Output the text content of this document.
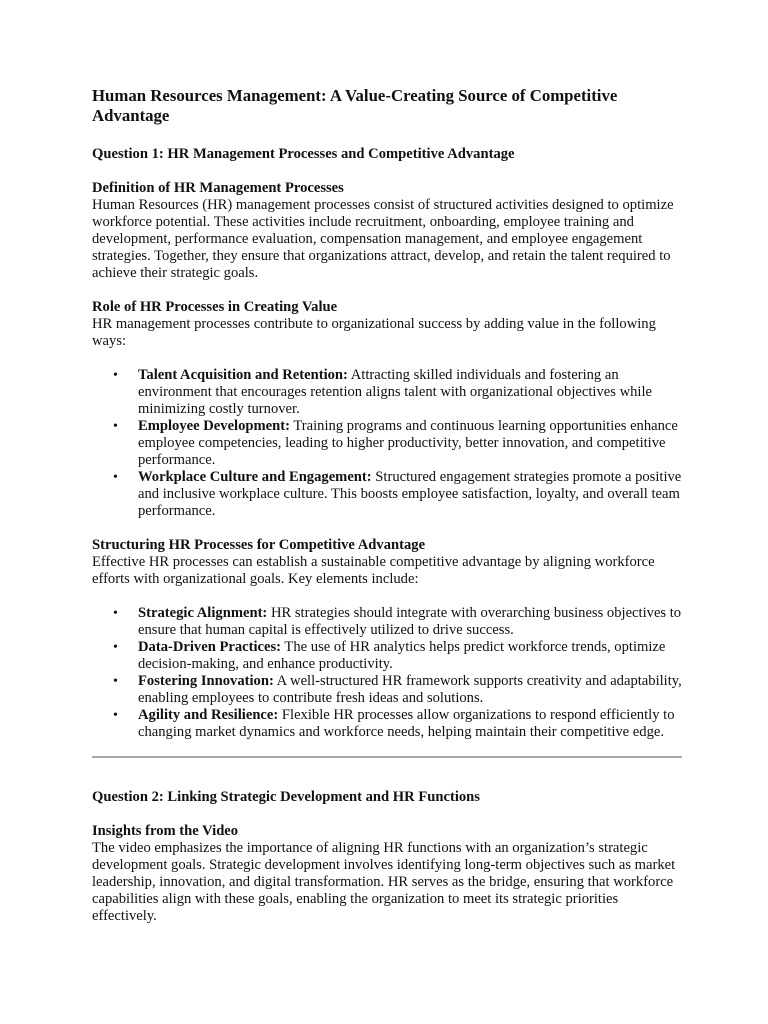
Human Resources Management: A Value-Creating Source of Competitive Advantage
Question 1: HR Management Processes and Competitive Advantage
Definition of HR Management Processes

Human Resources (HR) management processes consist of structured activities designed to optimize workforce potential. These activities include recruitment, onboarding, employee training and development, performance evaluation, compensation management, and employee engagement strategies. Together, they ensure that organizations attract, develop, and retain the talent required to achieve their strategic goals.

Role of HR Processes in Creating Value

HR management processes contribute to organizational success by adding value in the following ways:

• Talent Acquisition and Retention: Attracting skilled individuals and fostering an environment that encourages retention aligns talent with organizational objectives while minimizing costly turnover.
• Employee Development: Training programs and continuous learning opportunities enhance employee competencies, leading to higher productivity, better innovation, and competitive performance.
• Workplace Culture and Engagement: Structured engagement strategies promote a positive and inclusive workplace culture. This boosts employee satisfaction, loyalty, and overall team performance.
Structuring HR Processes for Competitive Advantage

Effective HR processes can establish a sustainable competitive advantage by aligning workforce efforts with organizational goals. Key elements include:

• Strategic Alignment: HR strategies should integrate with overarching business objectives to ensure that human capital is effectively utilized to drive success.
• Data-Driven Practices: The use of HR analytics helps predict workforce trends, optimize decision-making, and enhance productivity.
• Fostering Innovation: A well-structured HR framework supports creativity and adaptability, enabling employees to contribute fresh ideas and solutions.
• Agility and Resilience: Flexible HR processes allow organizations to respond efficiently to changing market dynamics and workforce needs, helping maintain their competitive edge.
Question 2: Linking Strategic Development and HR Functions
Insights from the Video

The video emphasizes the importance of aligning HR functions with an organization’s strategic development goals. Strategic development involves identifying long-term objectives such as market leadership, innovation, and digital transformation. HR serves as the bridge, ensuring that workforce capabilities align with these goals, enabling the organization to meet its strategic priorities effectively.
